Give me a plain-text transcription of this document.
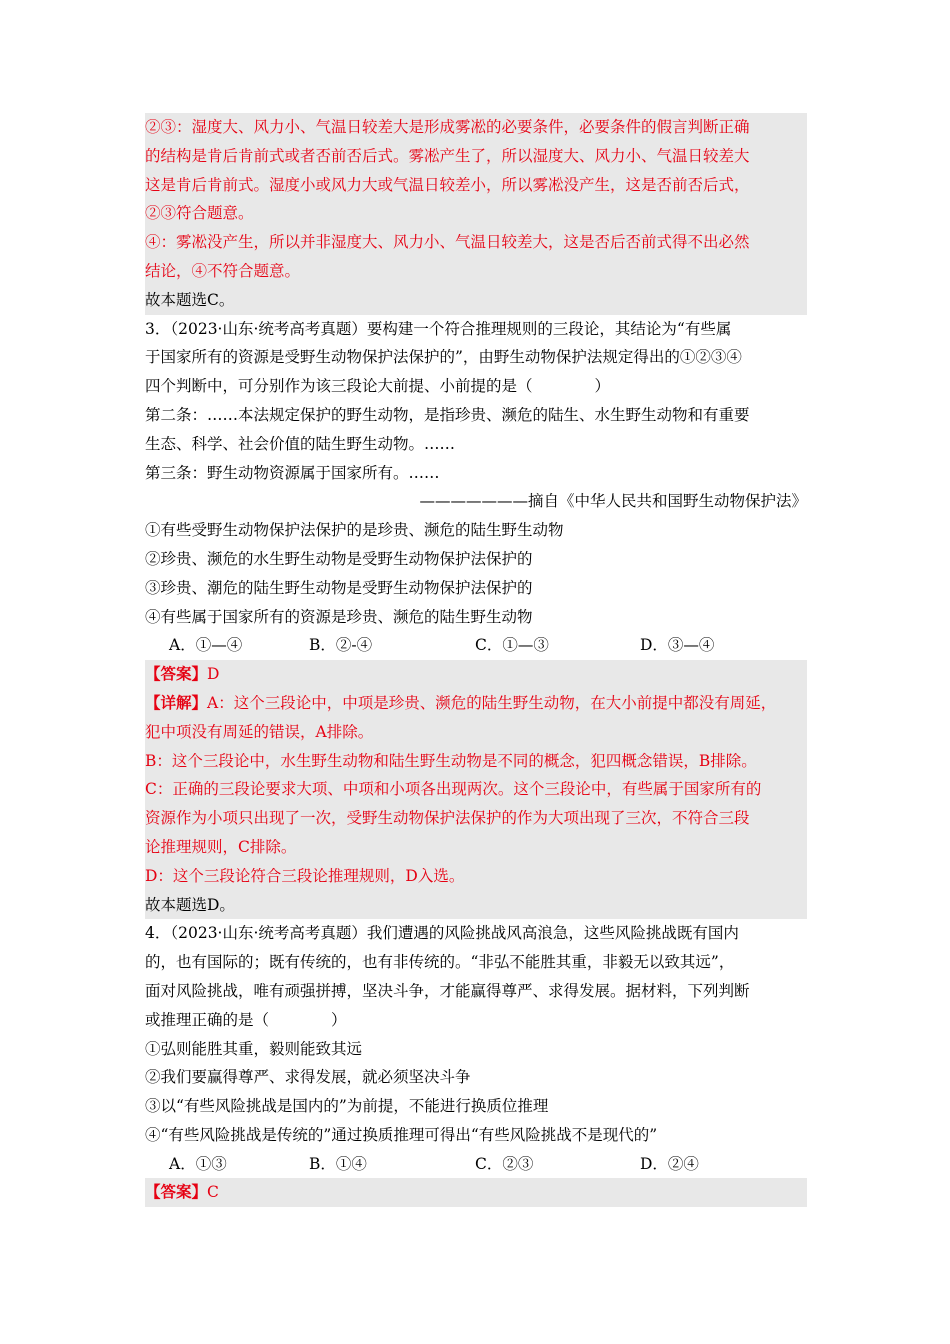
②③：湿度大、风力小、气温日较差大是形成雾凇的必要条件，必要条件的假言判断正确
的结构是肯后肯前式或者否前否后式。雾凇产生了，所以湿度大、风力小、气温日较差大
这是肯后肯前式。湿度小或风力大或气温日较差小，所以雾凇没产生，这是否前否后式，
②③符合题意。
④：雾凇没产生，所以并非湿度大、风力小、气温日较差大，这是否后否前式得不出必然
结论，④不符合题意。
故本题选C。
3．（2023·山东·统考高考真题）要构建一个符合推理规则的三段论，其结论为“有些属
于国家所有的资源是受野生动物保护法保护的”，由野生动物保护法规定得出的①②③④
四个判断中，可分别作为该三段论大前提、小前提的是（　　　　）
第二条：……本法规定保护的野生动物，是指珍贵、濒危的陆生、水生野生动物和有重要
生态、科学、社会价值的陆生野生动物。……
第三条：野生动物资源属于国家所有。……
———————摘自《中华人民共和国野生动物保护法》
①有些受野生动物保护法保护的是珍贵、濒危的陆生野生动物
②珍贵、濒危的水生野生动物是受野生动物保护法保护的
③珍贵、潮危的陆生野生动物是受野生动物保护法保护的
④有些属于国家所有的资源是珍贵、濒危的陆生野生动物
A．①—④	B．②-④	C．①—③	D．③—④
【答案】D
【详解】A：这个三段论中，中项是珍贵、濒危的陆生野生动物，在大小前提中都没有周延，
犯中项没有周延的错误，A排除。
B：这个三段论中，水生野生动物和陆生野生动物是不同的概念，犯四概念错误，B排除。
C：正确的三段论要求大项、中项和小项各出现两次。这个三段论中，有些属于国家所有的
资源作为小项只出现了一次，受野生动物保护法保护的作为大项出现了三次，不符合三段
论推理规则，C排除。
D：这个三段论符合三段论推理规则，D入选。
故本题选D。
4．（2023·山东·统考高考真题）我们遭遇的风险挑战风高浪急，这些风险挑战既有国内
的，也有国际的；既有传统的，也有非传统的。“非弘不能胜其重，非毅无以致其远”，
面对风险挑战，唯有顽强拼搏，坚决斗争，才能赢得尊严、求得发展。据材料，下列判断
或推理正确的是（　　　　）
①弘则能胜其重，毅则能致其远
②我们要赢得尊严、求得发展，就必须坚决斗争
③以“有些风险挑战是国内的”为前提，不能进行换质位推理
④“有些风险挑战是传统的”通过换质推理可得出“有些风险挑战不是现代的”
A．①③	B．①④	C．②③	D．②④
【答案】C
